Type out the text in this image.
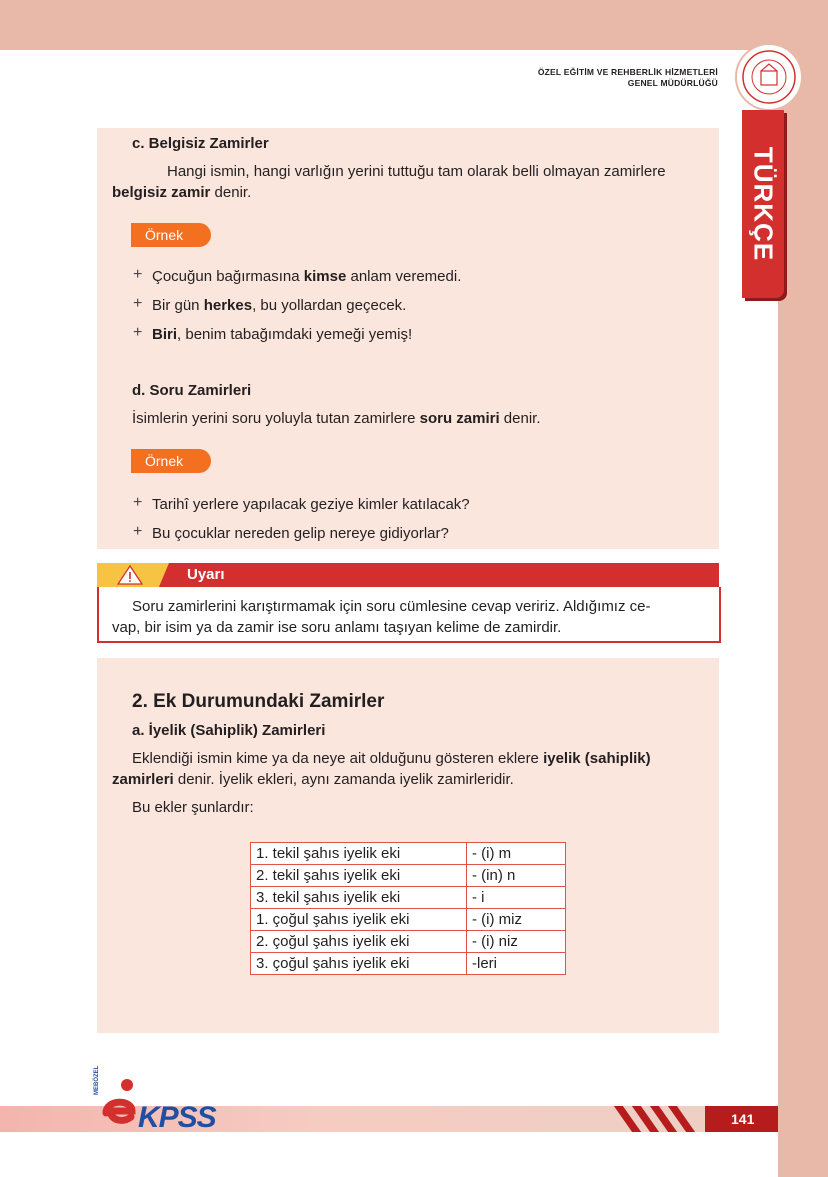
ÖZEL EĞİTİM VE REHBERLİK HİZMETLERİ
GENEL MÜDÜRLÜĞÜ
TÜRKÇE
c. Belgisiz Zamirler
Hangi ismin, hangi varlığın yerini tuttuğu tam olarak belli olmayan zamirlere
belgisiz zamir denir.
Örnek
+ Çocuğun bağırmasına kimse anlam veremedi.
+ Bir gün herkes, bu yollardan geçecek.
+ Biri, benim tabağımdaki yemeği yemiş!
d. Soru Zamirleri
İsimlerin yerini soru yoluyla tutan zamirlere soru zamiri denir.
Örnek
+ Tarihî yerlere yapılacak geziye kimler katılacak?
+ Bu çocuklar nereden gelip nereye gidiyorlar?
Uyarı
Soru zamirlerini karıştırmamak için soru cümlesine cevap veririz. Aldığımız ce-
vap, bir isim ya da zamir ise soru anlamı taşıyan kelime de zamirdir.
2. Ek Durumundaki Zamirler
a. İyelik (Sahiplik) Zamirleri
Eklendiği ismin kime ya da neye ait olduğunu gösteren eklere iyelik (sahiplik)
zamirleri denir. İyelik ekleri, aynı zamanda iyelik zamirleridir.
Bu ekler şunlardır:
1. tekil şahıs iyelik eki	- (i) m
2. tekil şahıs iyelik eki	- (in) n
3. tekil şahıs iyelik eki	- i
1. çoğul şahıs iyelik eki	- (i) miz
2. çoğul şahıs iyelik eki	- (i) niz
3. çoğul şahıs iyelik eki	-leri
141
MEBÖZEL
KPSS
